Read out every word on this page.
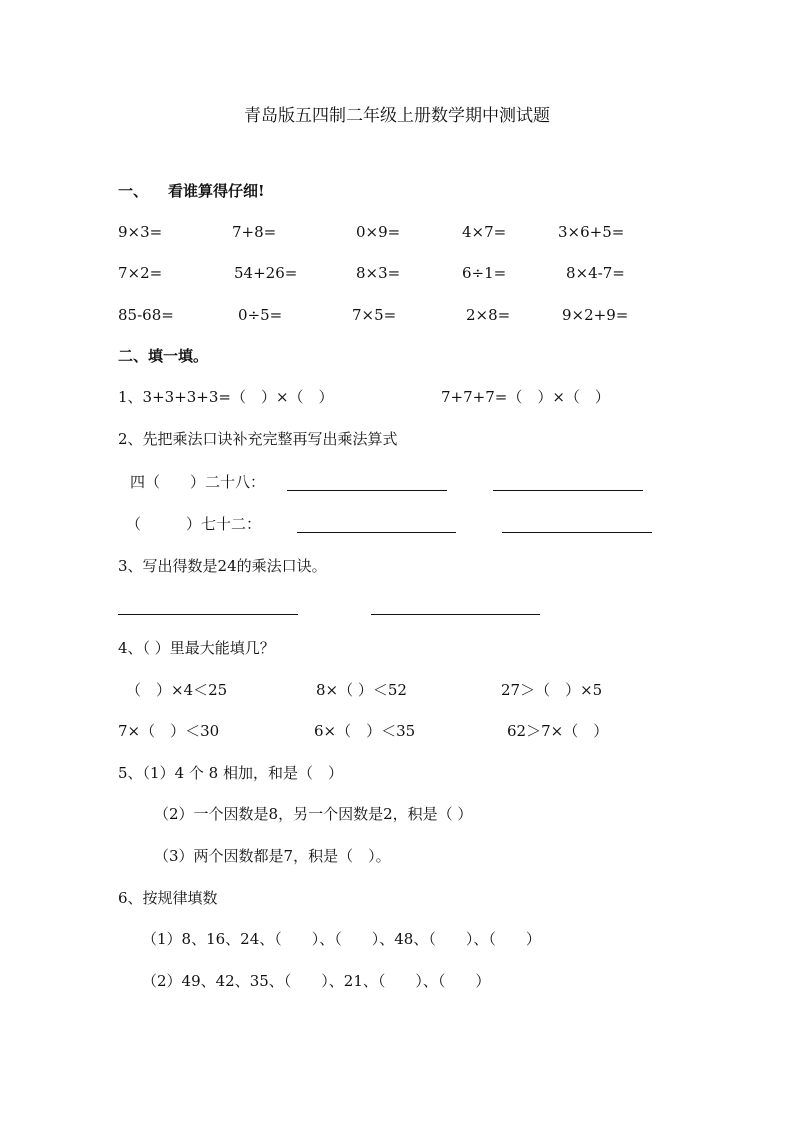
青岛版五四制二年级上册数学期中测试题
一、 看谁算得仔细!
9×3=	7+8=	0×9=	4×7=	3×6+5=
7×2=	54+26=	8×3=	6÷1=	8×4-7=
85-68=	0÷5=	7×5=	2×8=	9×2+9=
二、填一填。
1、3+3+3+3=（　）×（　）	7+7+7=（　）×（　）
2、先把乘法口诀补充完整再写出乘法算式
四（　　）二十八：
（　　　）七十二：
3、写出得数是24的乘法口诀。
4、（ ）里最大能填几？
（　）×4＜25	8×（ ）＜52	27＞（　）×5
7×（　）＜30	6×（　）＜35	62＞7×（　）
5、（1）4 个 8 相加，和是（　）
（2）一个因数是8，另一个因数是2，积是（ ）
（3）两个因数都是7，积是（　）。
6、按规律填数
（1）8、16、24、（　　）、（　　）、48、（　　）、（　　）
（2）49、42、35、（　　）、21、（　　）、（　　）
